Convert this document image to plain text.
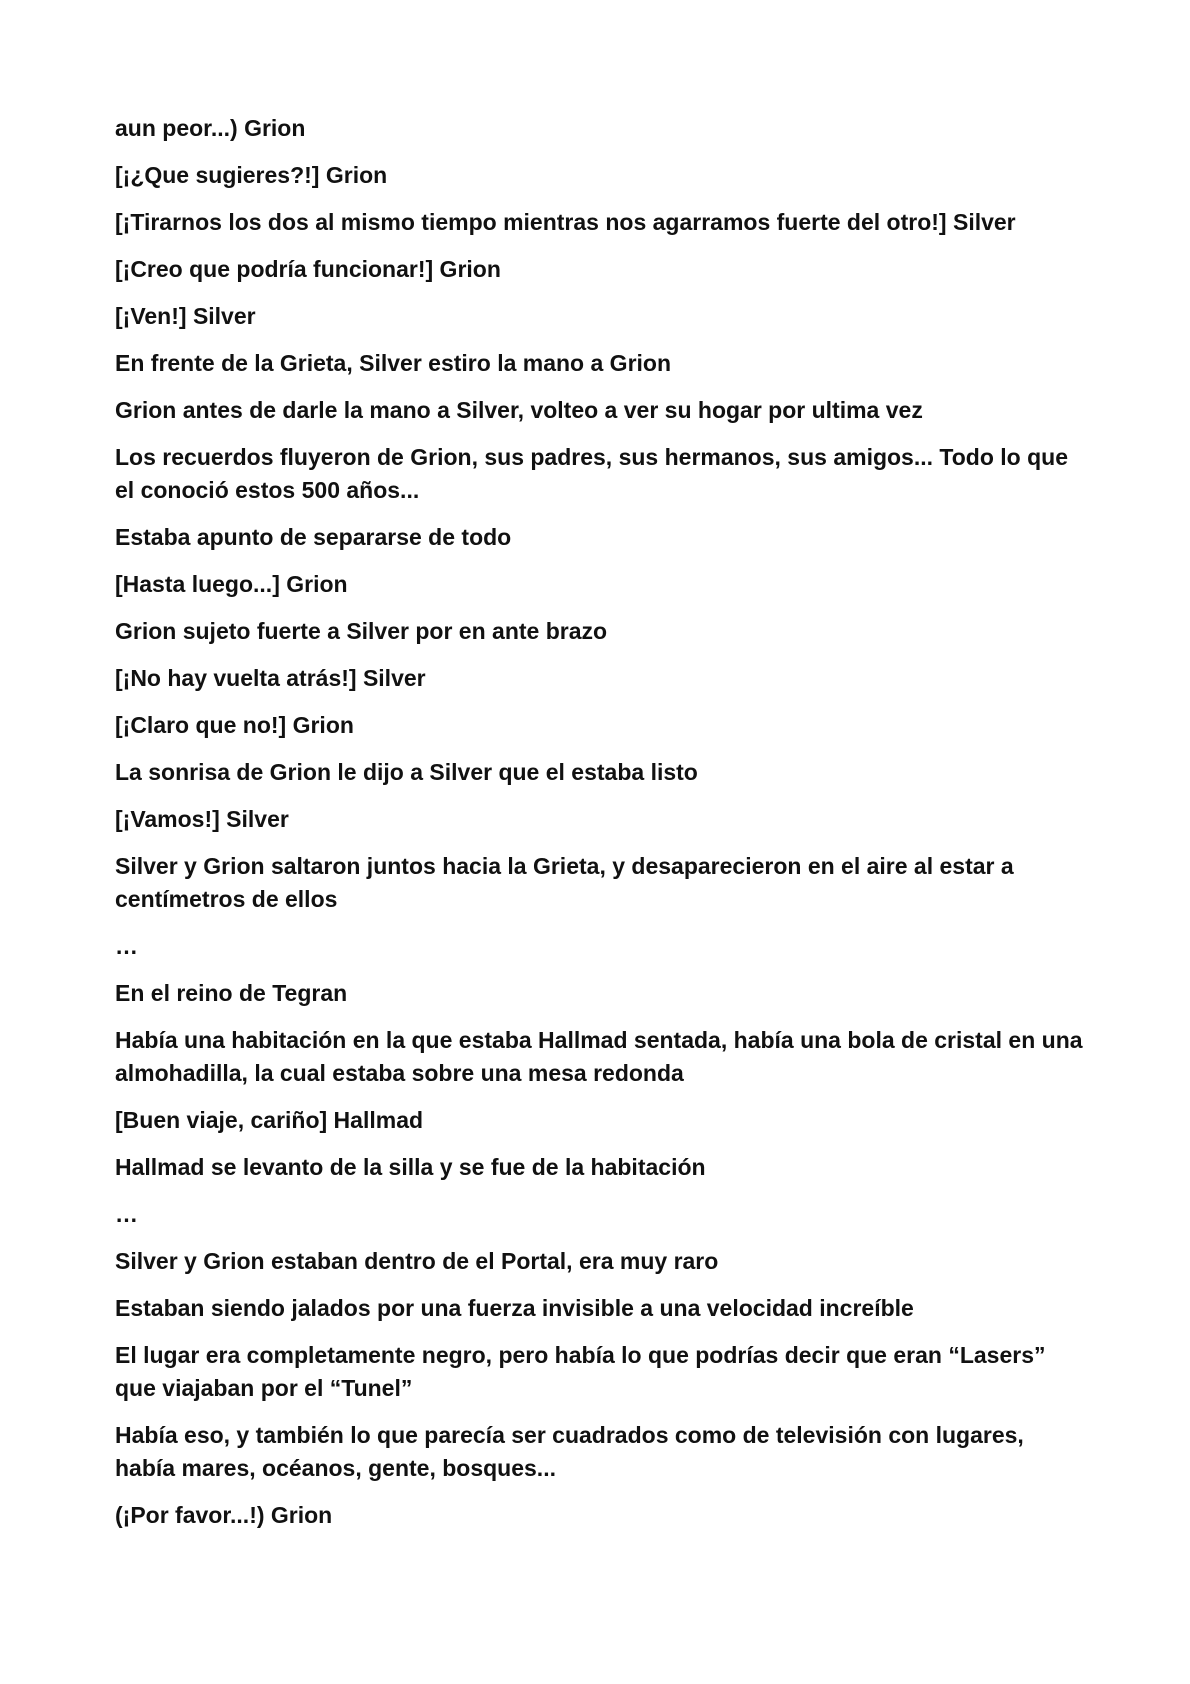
aun peor...) Grion

[¡¿Que sugieres?!] Grion

[¡Tirarnos los dos al mismo tiempo mientras nos agarramos fuerte del otro!] Silver

[¡Creo que podría funcionar!] Grion

[¡Ven!] Silver

En frente de la Grieta, Silver estiro la mano a Grion

Grion antes de darle la mano a Silver, volteo a ver su hogar por ultima vez

Los recuerdos fluyeron de Grion, sus padres, sus hermanos, sus amigos... Todo lo que el conoció estos 500 años...

Estaba apunto de separarse de todo

[Hasta luego...] Grion

Grion sujeto fuerte a Silver por en ante brazo

[¡No hay vuelta atrás!] Silver

[¡Claro que no!] Grion

La sonrisa de Grion le dijo a Silver que el estaba listo

[¡Vamos!] Silver

Silver y Grion saltaron juntos hacia la Grieta, y desaparecieron en el aire al estar a centímetros de ellos

…

En el reino de Tegran

Había una habitación en la que estaba Hallmad sentada, había una bola de cristal en una almohadilla, la cual estaba sobre una mesa redonda

[Buen viaje, cariño] Hallmad

Hallmad se levanto de la silla y se fue de la habitación

…

Silver y Grion estaban dentro de el Portal, era muy raro

Estaban siendo jalados por una fuerza invisible a una velocidad increíble

El lugar era completamente negro, pero había lo que podrías decir que eran “Lasers” que viajaban por el “Tunel”

Había eso, y también lo que parecía ser cuadrados como de televisión con lugares, había mares, océanos, gente, bosques...

(¡Por favor...!) Grion
